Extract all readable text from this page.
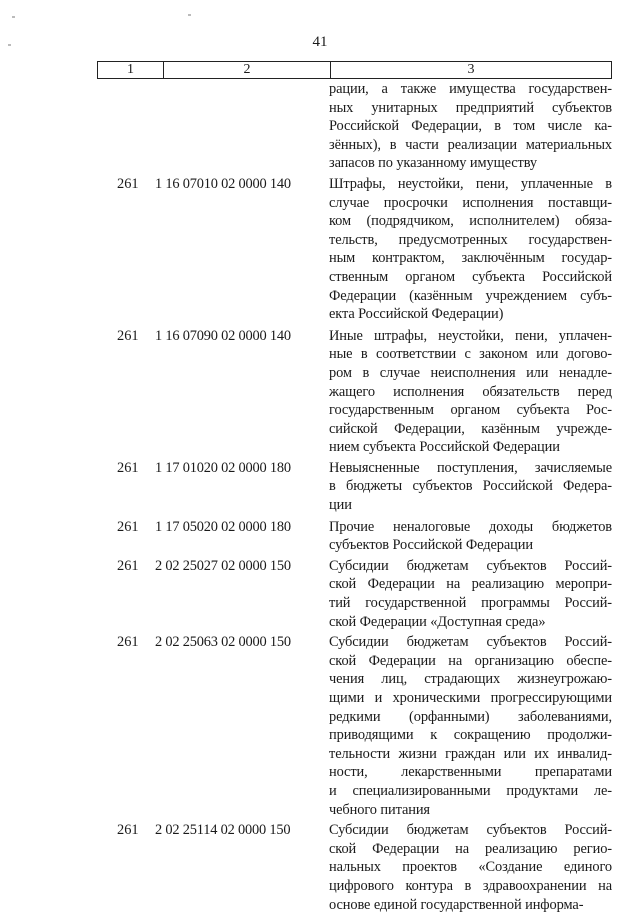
41
1	2	3
рации, а также имущества государствен-
ных унитарных предприятий субъектов
Российской Федерации, в том числе ка-
зённых), в части реализации материальных
запасов по указанному имуществу
261	1 16 07010 02 0000 140	Штрафы, неустойки, пени, уплаченные в
случае просрочки исполнения поставщи-
ком (подрядчиком, исполнителем) обяза-
тельств, предусмотренных государствен-
ным контрактом, заключённым государ-
ственным органом субъекта Российской
Федерации (казённым учреждением субъ-
екта Российской Федерации)
261	1 16 07090 02 0000 140	Иные штрафы, неустойки, пени, уплачен-
ные в соответствии с законом или догово-
ром в случае неисполнения или ненадле-
жащего исполнения обязательств перед
государственным органом субъекта Рос-
сийской Федерации, казённым учрежде-
нием субъекта Российской Федерации
261	1 17 01020 02 0000 180	Невыясненные поступления, зачисляемые
в бюджеты субъектов Российской Федера-
ции
261	1 17 05020 02 0000 180	Прочие неналоговые доходы бюджетов
субъектов Российской Федерации
261	2 02 25027 02 0000 150	Субсидии бюджетам субъектов Россий-
ской Федерации на реализацию меропри-
тий государственной программы Россий-
ской Федерации «Доступная среда»
261	2 02 25063 02 0000 150	Субсидии бюджетам субъектов Россий-
ской Федерации на организацию обеспе-
чения лиц, страдающих жизнеугрожаю-
щими и хроническими прогрессирующими
редкими (орфанными) заболеваниями,
приводящими к сокращению продолжи-
тельности жизни граждан или их инвалид-
ности, лекарственными препаратами
и специализированными продуктами ле-
чебного питания
261	2 02 25114 02 0000 150	Субсидии бюджетам субъектов Россий-
ской Федерации на реализацию регио-
нальных проектов «Создание единого
цифрового контура в здравоохранении на
основе единой государственной информа-
